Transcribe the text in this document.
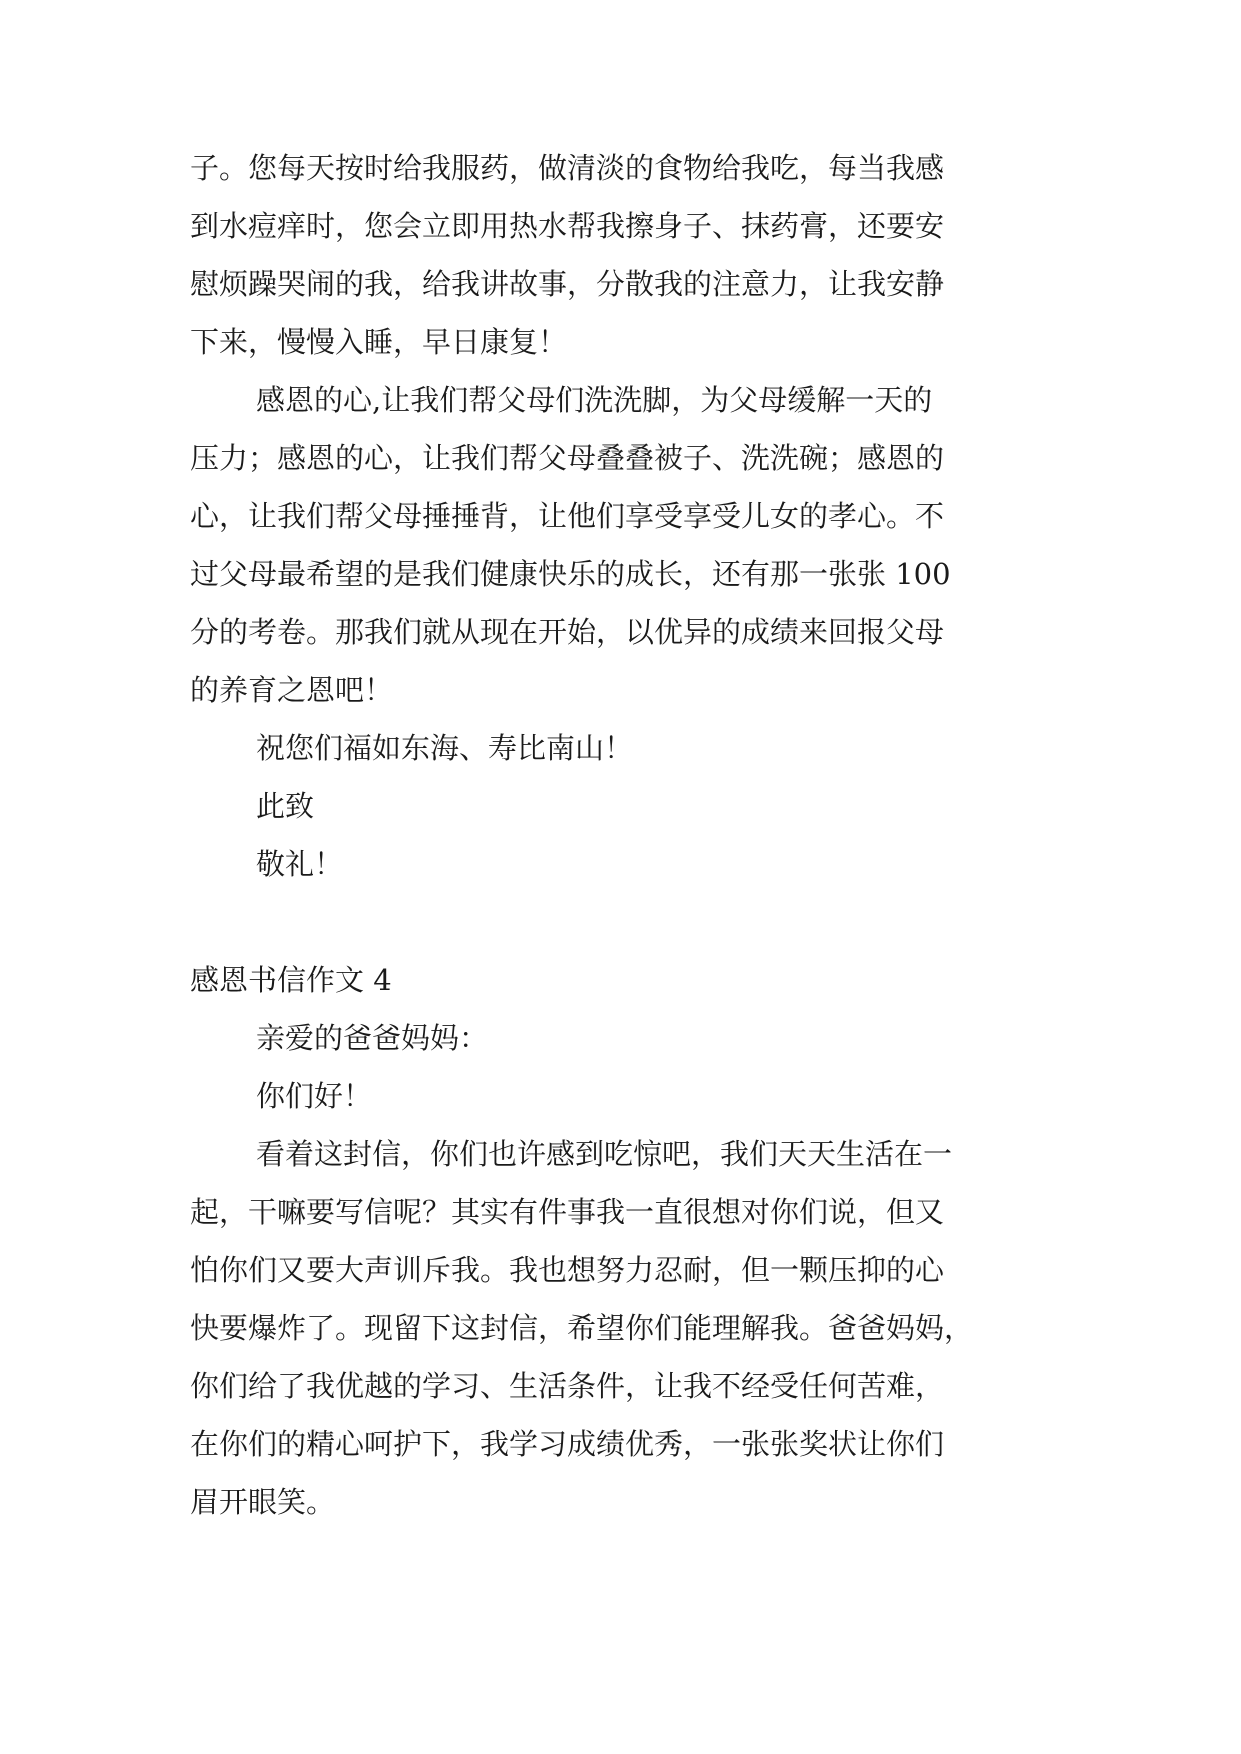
子。您每天按时给我服药，做清淡的食物给我吃，每当我感
到水痘痒时，您会立即用热水帮我擦身子、抹药膏，还要安
慰烦躁哭闹的我，给我讲故事，分散我的注意力，让我安静
下来，慢慢入睡，早日康复！
感恩的心,让我们帮父母们洗洗脚，为父母缓解一天的
压力；感恩的心，让我们帮父母叠叠被子、洗洗碗；感恩的
心，让我们帮父母捶捶背，让他们享受享受儿女的孝心。不
过父母最希望的是我们健康快乐的成长，还有那一张张 100
分的考卷。那我们就从现在开始，以优异的成绩来回报父母
的养育之恩吧！
祝您们福如东海、寿比南山！
此致
敬礼！
感恩书信作文 4
亲爱的爸爸妈妈：
你们好！
看着这封信，你们也许感到吃惊吧，我们天天生活在一
起，干嘛要写信呢？其实有件事我一直很想对你们说，但又
怕你们又要大声训斥我。我也想努力忍耐，但一颗压抑的心
快要爆炸了。现留下这封信，希望你们能理解我。爸爸妈妈，
你们给了我优越的学习、生活条件，让我不经受任何苦难，
在你们的精心呵护下，我学习成绩优秀，一张张奖状让你们
眉开眼笑。
